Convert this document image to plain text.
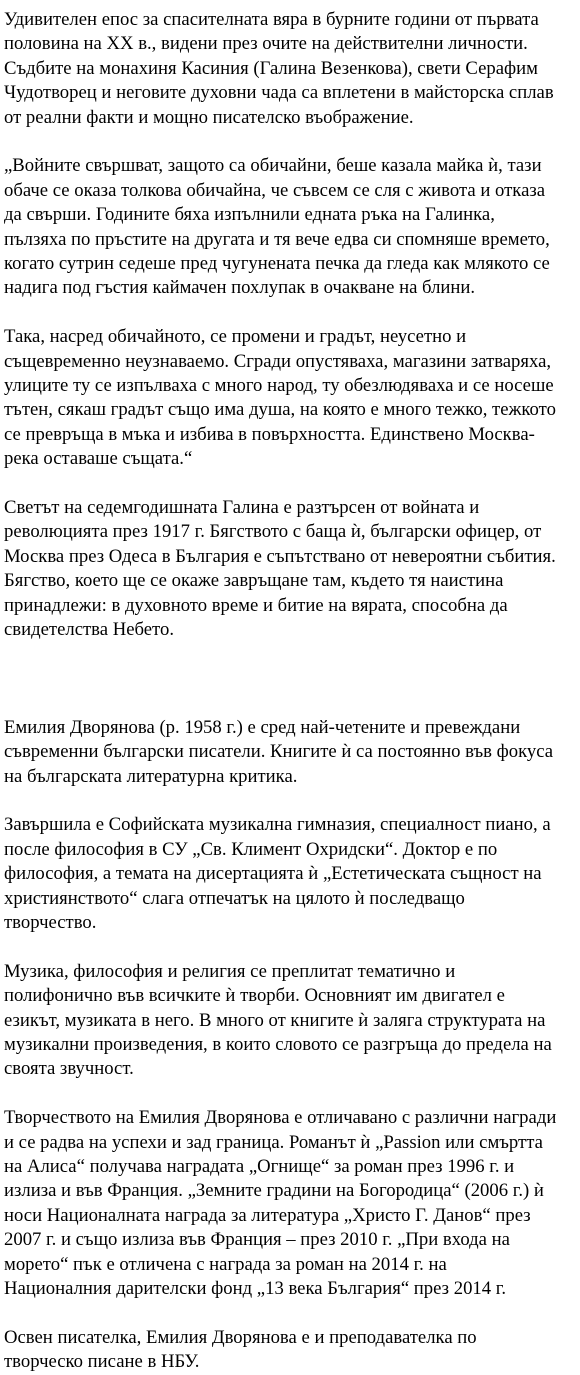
Удивителен епос за спасителната вяра в бурните години от първата
половина на XX в., видени през очите на действителни личности.
Съдбите на монахиня Касиния (Галина Везенкова), свети Серафим
Чудотворец и неговите духовни чада са вплетени в майсторска сплав
от реални факти и мощно писателско въображение.

„Войните свършват, защото са обичайни, беше казала майка ѝ, тази
обаче се оказа толкова обичайна, че съвсем се сля с живота и отказа
да свърши. Годините бяха изпълнили едната ръка на Галинка,
пълзяха по пръстите на другата и тя вече едва си спомняше времето,
когато сутрин седеше пред чугунената печка да гледа как млякото се
надига под гъстия каймачен похлупак в очакване на блини.

Така, насред обичайното, се промени и градът, неусетно и
същевременно неузнаваемо. Сгради опустяваха, магазини затваряха,
улиците ту се изпълваха с много народ, ту обезлюдяваха и се носеше
тътен, сякаш градът също има душа, на която е много тежко, тежкото
се превръща в мъка и избива в повърхността. Единствено Москва-
река оставаше същата.“

Светът на седемгодишната Галина е разтърсен от войната и
революцията през 1917 г. Бягството с баща ѝ, български офицер, от
Москва през Одеса в България е съпътствано от невероятни събития.
Бягство, което ще се окаже завръщане там, където тя наистина
принадлежи: в духовното време и битие на вярата, способна да
свидетелства Небето.

Емилия Дворянова (р. 1958 г.) е сред най-четените и превеждани
съвременни български писатели. Книгите ѝ са постоянно във фокуса
на българската литературна критика.

Завършила е Софийската музикална гимназия, специалност пиано, а
после философия в СУ „Св. Климент Охридски“. Доктор е по
философия, а темата на дисертацията ѝ „Естетическата същност на
християнството“ слага отпечатък на цялото ѝ последващо
творчество.

Музика, философия и религия се преплитат тематично и
полифонично във всичките ѝ творби. Основният им двигател е
езикът, музиката в него. В много от книгите ѝ заляга структурата на
музикални произведения, в които словото се разгръща до предела на
своята звучност.

Творчеството на Емилия Дворянова е отличавано с различни награди
и се радва на успехи и зад граница. Романът ѝ „Passion или смъртта
на Алиса“ получава наградата „Огнище“ за роман през 1996 г. и
излиза и във Франция. „Земните градини на Богородица“ (2006 г.) ѝ
носи Националната награда за литература „Христо Г. Данов“ през
2007 г. и също излиза във Франция – през 2010 г. „При входа на
морето“ пък е отличена с награда за роман на 2014 г. на
Националния дарителски фонд „13 века България“ през 2014 г.

Освен писателка, Емилия Дворянова е и преподавателка по
творческо писане в НБУ.
